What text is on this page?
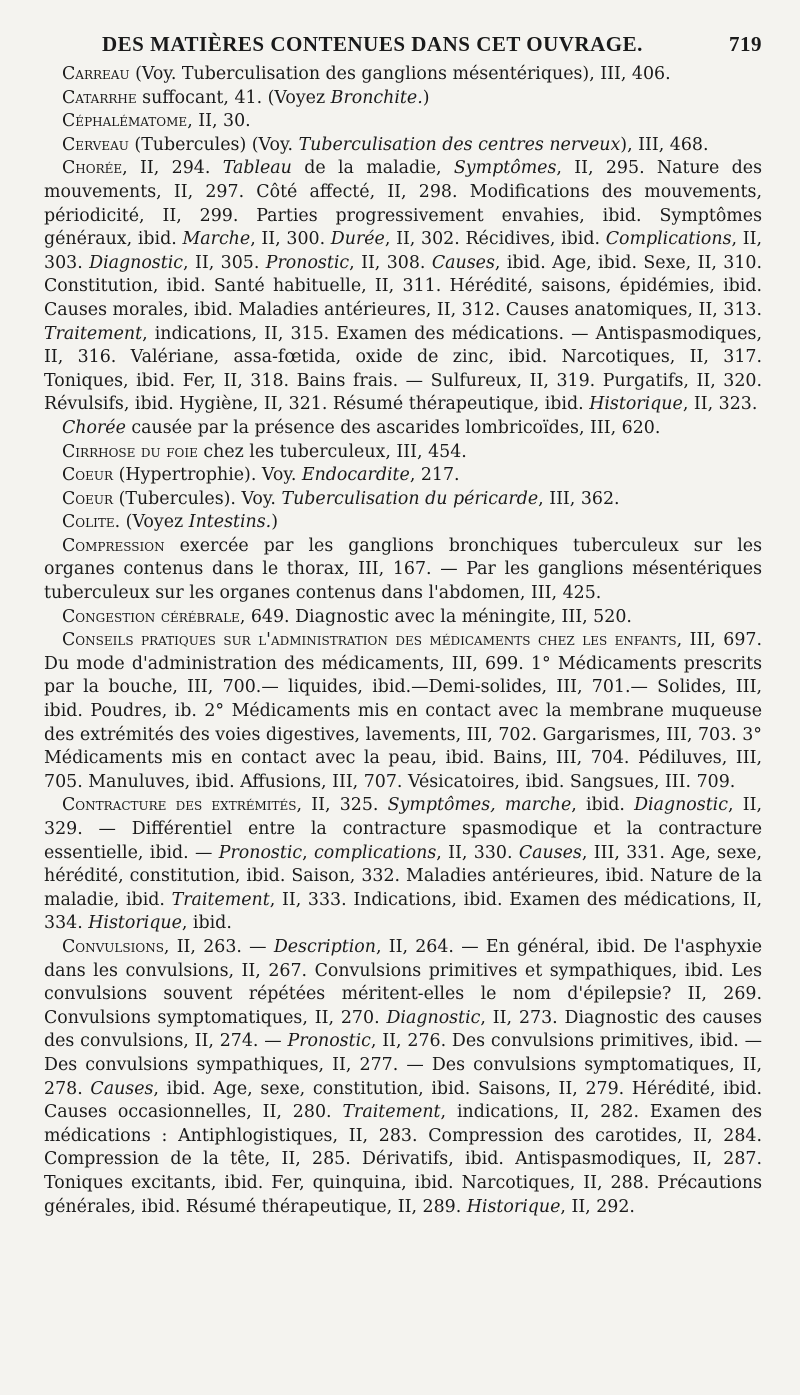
DES MATIÈRES CONTENUES DANS CET OUVRAGE.	719

Carreau (Voy. Tuberculisation des ganglions mésentériques), III, 406.

Catarrhe suffocant, 41. (Voyez Bronchite.)

Céphalématome, II, 30.

Cerveau (Tubercules) (Voy. Tuberculisation des centres nerveux), III, 468.

Chorée, II, 294. Tableau de la maladie, Symptômes, II, 295. Nature des mouvements, II, 297. Côté affecté, II, 298. Modifications des mouvements, périodicité, II, 299. Parties progressivement envahies, ibid. Symptômes généraux, ibid. Marche, II, 300. Durée, II, 302. Récidives, ibid. Complications, II, 303. Diagnostic, II, 305. Pronostic, II, 308. Causes, ibid. Age, ibid. Sexe, II, 310. Constitution, ibid. Santé habituelle, II, 311. Hérédité, saisons, épidémies, ibid. Causes morales, ibid. Maladies antérieures, II, 312. Causes anatomiques, II, 313. Traitement, indications, II, 315. Examen des médications. — Antispasmodiques, II, 316. Valériane, assa-fœtida, oxide de zinc, ibid. Narcotiques, II, 317. Toniques, ibid. Fer, II, 318. Bains frais. — Sulfureux, II, 319. Purgatifs, II, 320. Révulsifs, ibid. Hygiène, II, 321. Résumé thérapeutique, ibid. Historique, II, 323.

Chorée causée par la présence des ascarides lombricoïdes, III, 620.

Cirrhose du foie chez les tuberculeux, III, 454.

Coeur (Hypertrophie). Voy. Endocardite, 217.

Coeur (Tubercules). Voy. Tuberculisation du péricarde, III, 362.

Colite. (Voyez Intestins.)

Compression exercée par les ganglions bronchiques tuberculeux sur les organes contenus dans le thorax, III, 167. — Par les ganglions mésentériques tuberculeux sur les organes contenus dans l'abdomen, III, 425.

Congestion cérébrale, 649. Diagnostic avec la méningite, III, 520.

Conseils pratiques sur l'administration des médicaments chez les enfants, III, 697. Du mode d'administration des médicaments, III, 699. 1° Médicaments prescrits par la bouche, III, 700.— liquides, ibid.—Demi-solides, III, 701.— Solides, III, ibid. Poudres, ib. 2° Médicaments mis en contact avec la membrane muqueuse des extrémités des voies digestives, lavements, III, 702. Gargarismes, III, 703. 3° Médicaments mis en contact avec la peau, ibid. Bains, III, 704. Pédiluves, III, 705. Manuluves, ibid. Affusions, III, 707. Vésicatoires, ibid. Sangsues, III. 709.

Contracture des extrémités, II, 325. Symptômes, marche, ibid. Diagnostic, II, 329. — Différentiel entre la contracture spasmodique et la contracture essentielle, ibid. — Pronostic, complications, II, 330. Causes, III, 331. Age, sexe, hérédité, constitution, ibid. Saison, 332. Maladies antérieures, ibid. Nature de la maladie, ibid. Traitement, II, 333. Indications, ibid. Examen des médications, II, 334. Historique, ibid.

Convulsions, II, 263. — Description, II, 264. — En général, ibid. De l'asphyxie dans les convulsions, II, 267. Convulsions primitives et sympathiques, ibid. Les convulsions souvent répétées méritent-elles le nom d'épilepsie? II, 269. Convulsions symptomatiques, II, 270. Diagnostic, II, 273. Diagnostic des causes des convulsions, II, 274. — Pronostic, II, 276. Des convulsions primitives, ibid. — Des convulsions sympathiques, II, 277. — Des convulsions symptomatiques, II, 278. Causes, ibid. Age, sexe, constitution, ibid. Saisons, II, 279. Hérédité, ibid. Causes occasionnelles, II, 280. Traitement, indications, II, 282. Examen des médications : Antiphlogistiques, II, 283. Compression des carotides, II, 284. Compression de la tête, II, 285. Dérivatifs, ibid. Antispasmodiques, II, 287. Toniques excitants, ibid. Fer, quinquina, ibid. Narcotiques, II, 288. Précautions générales, ibid. Résumé thérapeutique, II, 289. Historique, II, 292.
